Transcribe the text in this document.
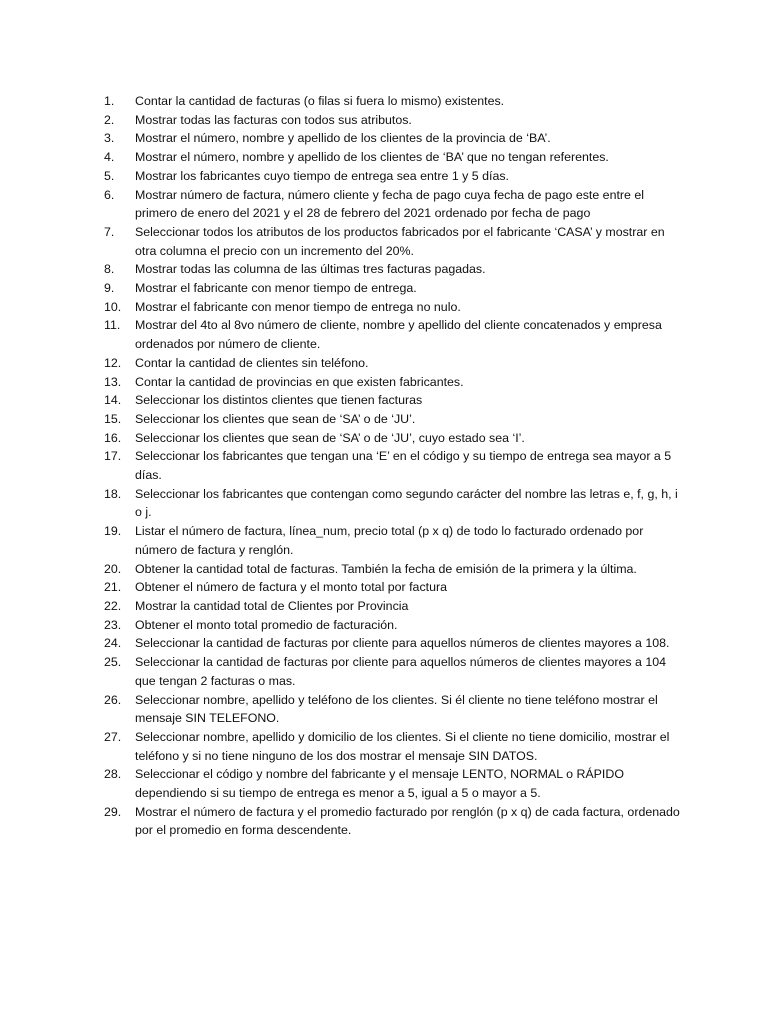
1.	Contar la cantidad de facturas (o filas si fuera lo mismo) existentes.
2.	Mostrar todas las facturas con todos sus atributos.
3.	Mostrar el número, nombre y apellido de los clientes de la provincia de ‘BA’.
4.	Mostrar el número, nombre y apellido de los clientes de ‘BA’ que no tengan referentes.
5.	Mostrar los fabricantes cuyo tiempo de entrega sea entre 1 y 5 días.
6.	Mostrar número de factura, número cliente y fecha de pago cuya fecha de pago este entre el primero de enero del 2021 y el 28 de febrero del 2021 ordenado por fecha de pago
7.	Seleccionar todos los atributos de los productos fabricados por el fabricante ‘CASA’ y mostrar en otra columna el precio con un incremento del 20%.
8.	Mostrar todas las columna de las últimas tres facturas pagadas.
9.	Mostrar el fabricante con menor tiempo de entrega.
10.	Mostrar el fabricante con menor tiempo de entrega no nulo.
11.	Mostrar del 4to al 8vo número de cliente, nombre y apellido del cliente concatenados y empresa ordenados por número de cliente.
12.	Contar la cantidad de clientes sin teléfono.
13.	Contar la cantidad de provincias en que existen fabricantes.
14.	Seleccionar los distintos clientes que tienen facturas
15.	Seleccionar los clientes que sean de ‘SA’ o de ‘JU’.
16.	Seleccionar los clientes que sean de ‘SA’ o de ‘JU’, cuyo estado sea ‘I’.
17.	Seleccionar los fabricantes que tengan una ‘E’ en el código y su tiempo de entrega sea mayor a 5 días.
18.	Seleccionar los fabricantes que contengan como segundo carácter del nombre las letras e, f, g, h, i o j.
19.	Listar el número de factura, línea_num, precio total (p x q) de todo lo facturado ordenado por número de factura y renglón.
20.	Obtener la cantidad total de facturas. También la fecha de emisión de la primera y la última.
21.	Obtener el número de factura y el monto total por factura
22.	Mostrar la cantidad total de Clientes por Provincia
23.	Obtener el monto total promedio de facturación.
24.	Seleccionar la cantidad de facturas por cliente para aquellos números de clientes mayores a 108.
25.	Seleccionar la cantidad de facturas por cliente para aquellos números de clientes mayores a 104 que tengan 2 facturas o mas.
26.	Seleccionar nombre, apellido y teléfono de los clientes. Si él cliente no tiene teléfono mostrar el mensaje SIN TELEFONO.
27.	Seleccionar nombre, apellido y domicilio de los clientes. Si el cliente no tiene domicilio, mostrar el teléfono y si no tiene ninguno de los dos mostrar el mensaje SIN DATOS.
28.	Seleccionar el código y nombre del fabricante y el mensaje LENTO, NORMAL o RÁPIDO dependiendo si su tiempo de entrega es menor a 5, igual a 5 o mayor a 5.
29.	Mostrar el número de factura y el promedio facturado por renglón (p x q) de cada factura, ordenado por el promedio en forma descendente.
